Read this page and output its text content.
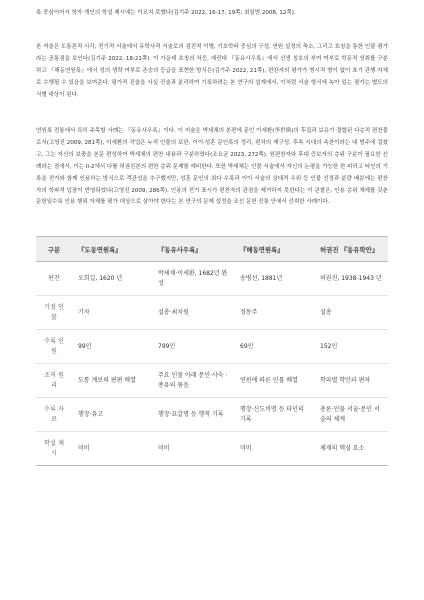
록 중심이어서 학자 개인의 학설 제시에는 이르지 못했다(김기주 2022, 16-17, 19쪽; 최일범 2008, 12쪽).

본 저술은 도통론적 시각, 전기적 서술에서 유학사적 서술로의 점진적 이행, 기호학파 중심의 구성, 연원 설정의 축소, 그리고 호칭을 통한 인물 평가라는 공통점을 보인다(김기주 2022, 18-21쪽). 이 가운데 호칭의 차등, 예컨대 『동유사우록』에서 선생 칭호의 부여 여부로 학문적 성취를 구분하고 『해동연원록』에서 성의 생략 여부로 존숭의 등급을 표현한 방식은(김기주 2022, 21쪽), 편찬자의 평가가 명시적 형이 없이 표기 관행 자체로 수행될 수 있음을 보여준다. 평가적 진술을 사실 진술과 분리하여 기록하려는 본 연구의 설계에서, 이처럼 서술 형식에 녹아 있는 평가는 별도의 식별 대상이 된다.

연원록 전통에서 특히 주목할 사례는 『동유사우록』이다. 이 저술은 박세채의 본편에 문인 이세환(李世瑍)의 후집과 보유가 결합된 다층적 편찬물로서(고영진 2009, 281쪽), 이세환의 작업은 누적 인물의 보완, 이이·성혼 문인록의 정리, 편차의 재구성, 후속 시대의 속찬이라는 네 범주에 걸쳤고, 그는 자신의 보충을 본문 편성하여 박세채의 편찬 내용과 구분하였다(조요균 2023, 272쪽). 원편찬자와 후대 증보자의 층위 구분이 필요한 선례라는 점에서, 이는 II-2에서 다룰 허권진본의 편찬 층위 문제를 예비한다. 또한 박세채는 인물 서술에서 자신의 논평을 가능한 한 피하고 타인의 기록을 전거와 함께 인용하는 방식으로 객관성을 추구했지만, 성혼 문인의 최다 수록과 이이 서술의 상대적 우위 등 인물 선정과 분량 배분에는 편찬자의 학파적 입장이 반영되었다(고영진 2009, 286쪽). 인용의 전거 표시가 편찬자의 관점을 제거하지 못한다는 이 관찰은, 인용 층위 체제를 갖춘 문헌일수록 인용 행위 자체를 평가 대상으로 삼아야 한다는 본 연구의 문제 설정을 조선 문헌 전통 안에서 선취한 사례이다.

구분	『도동연원록』	『동유사우록』	『해동연원록』	허권진 『동유학안』
편찬	오희길, 1620 년	박세채·이세환, 1682년 완성	송병선, 1881년	허권진, 1938-1943 년
기점 인물	기자	설총·최치원	정몽주	설총
수록 인원	99인	799인	69인	152인
조직 원리	도통 계보의 편편 배열	주요 인물 아래 문인·사숙 ·종유의 묶음	연원에 따른 인물 배열	학파별 학안과 편차
수록 자료	행장·유고	행장·묘갈명 등 행적 기록	행장·신도비명 등 타인의 기록	총론·인물 서술·문인 서술의 체계
학설 제시	미비	미비	미비	체재의 핵심 요소
